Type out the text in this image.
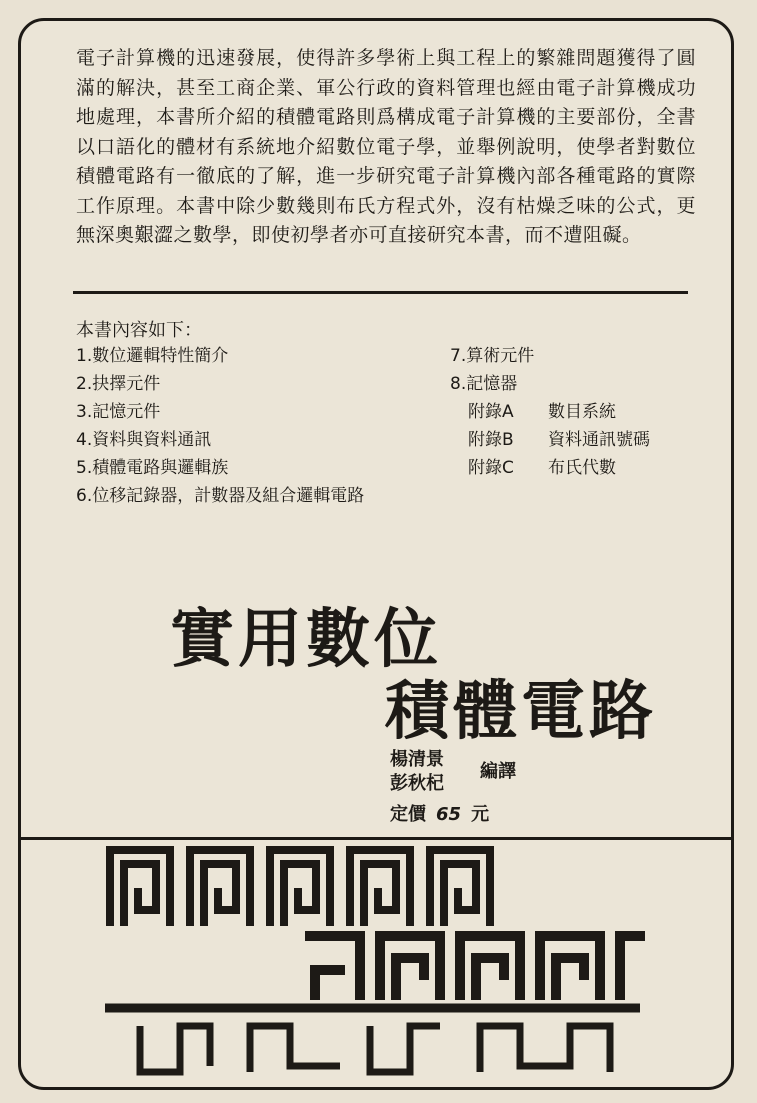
電子計算機的迅速發展，使得許多學術上與工程上的繁雜問題獲得了圓滿的解決，甚至工商企業、軍公行政的資料管理也經由電子計算機成功地處理，本書所介紹的積體電路則爲構成電子計算機的主要部份，全書以口語化的體材有系統地介紹數位電子學，並舉例說明，使學者對數位積體電路有一徹底的了解，進一步研究電子計算機內部各種電路的實際工作原理。本書中除少數幾則布氏方程式外，沒有枯燥乏味的公式，更無深奧艱澀之數學，即使初學者亦可直接研究本書，而不遭阻礙。

本書內容如下：

1.數位邏輯特性簡介
2.抉擇元件
3.記憶元件
4.資料與資料通訊
5.積體電路與邏輯族
6.位移記錄器，計數器及組合邏輯電路
7.算術元件
8.記憶器
附錄A 數目系統
附錄B 資料通訊號碼
附錄C 布氏代數
實用數位
積體電路
楊清景
彭秋杞
編譯
定價 65 元
